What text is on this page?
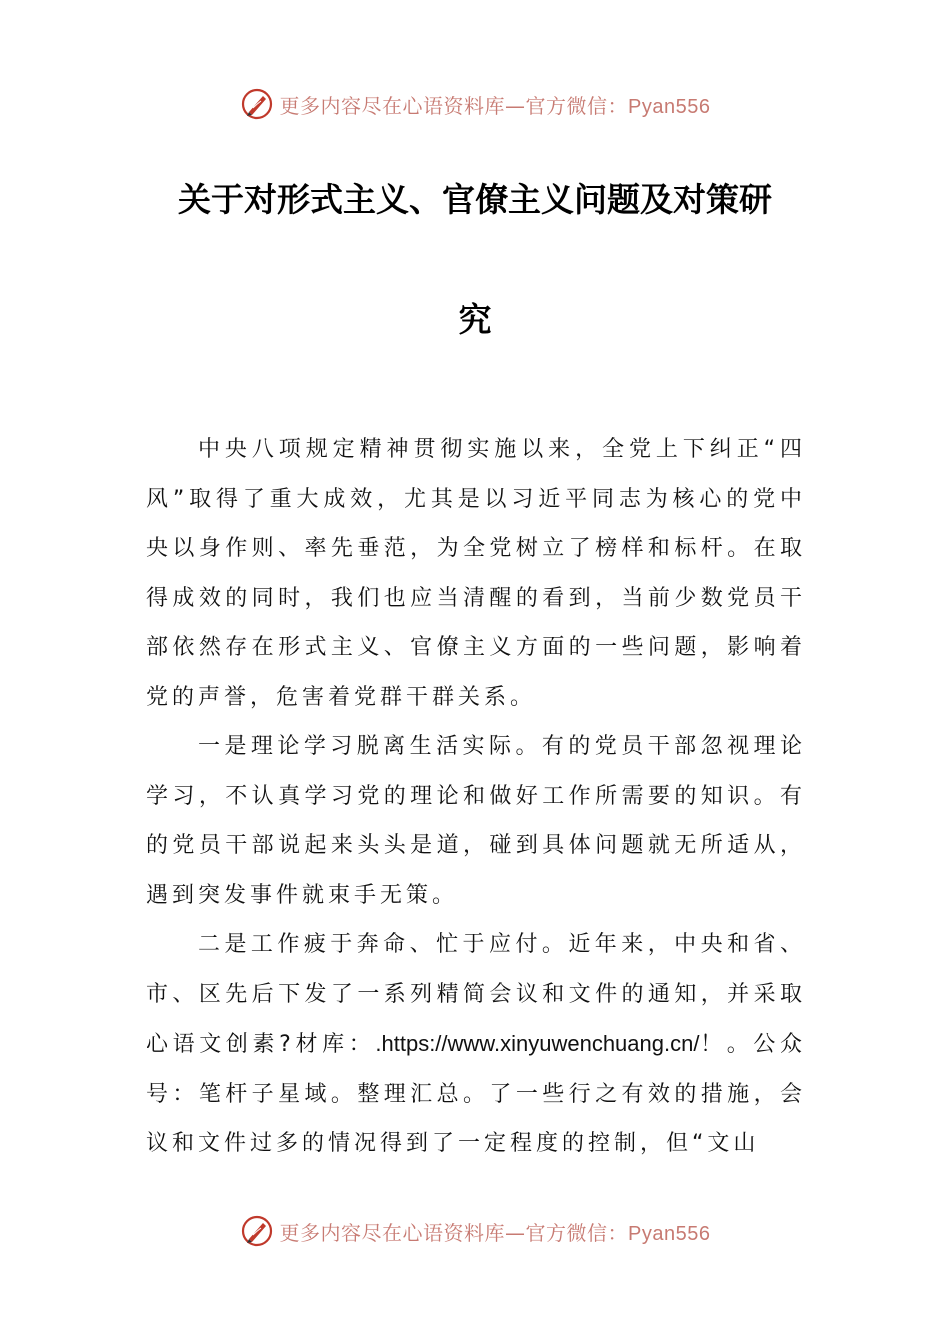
更多内容尽在心语资料库—官方微信：Pyan556
关于对形式主义、官僚主义问题及对策研
究

中央八项规定精神贯彻实施以来，全党上下纠正“四风”取得了重大成效，尤其是以习近平同志为核心的党中央以身作则、率先垂范，为全党树立了榜样和标杆。在取得成效的同时，我们也应当清醒的看到，当前少数党员干部依然存在形式主义、官僚主义方面的一些问题，影响着党的声誉，危害着党群干群关系。

一是理论学习脱离生活实际。有的党员干部忽视理论学习，不认真学习党的理论和做好工作所需要的知识。有的党员干部说起来头头是道，碰到具体问题就无所适从，遇到突发事件就束手无策。

二是工作疲于奔命、忙于应付。近年来，中央和省、市、区先后下发了一系列精简会议和文件的通知，并采取心语文创素?材库：.https://www.xinyuwenchuang.cn/！。公众号：笔杆子星域。整理汇总。了一些行之有效的措施，会议和文件过多的情况得到了一定程度的控制，但“文山

更多内容尽在心语资料库—官方微信：Pyan556
